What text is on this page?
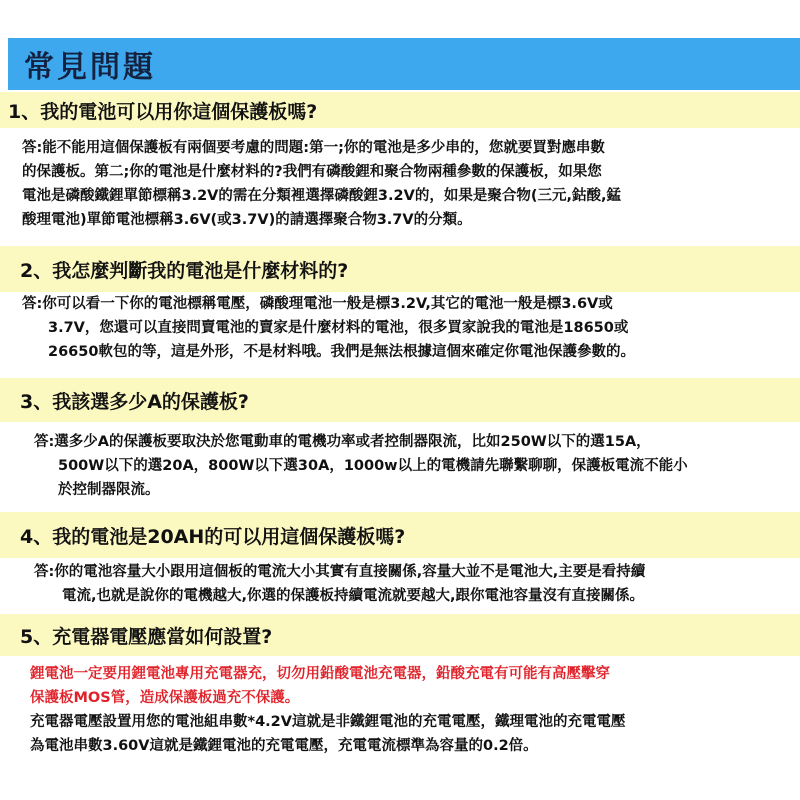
常見問題
1、我的電池可以用你這個保護板嗎?
答:能不能用這個保護板有兩個要考慮的問題:第一;你的電池是多少串的，您就要買對應串數
的保護板。第二;你的電池是什麼材料的?我們有磷酸鋰和聚合物兩種參數的保護板，如果您
電池是磷酸鐵鋰單節標稱3.2V的需在分類裡選擇磷酸鋰3.2V的，如果是聚合物(三元,鈷酸,錳
酸理電池)單節電池標稱3.6V(或3.7V)的請選擇聚合物3.7V的分類。
2、我怎麼判斷我的電池是什麼材料的?
答:你可以看一下你的電池標稱電壓，磷酸理電池一般是標3.2V,其它的電池一般是標3.6V或
3.7V，您還可以直接問賣電池的賣家是什麼材料的電池，很多買家說我的電池是18650或
26650軟包的等，這是外形，不是材料哦。我們是無法根據這個來確定你電池保護參數的。
3、我該選多少A的保護板?
答:選多少A的保護板要取決於您電動車的電機功率或者控制器限流，比如250W以下的選15A，
500W以下的選20A，800W以下選30A，1000w以上的電機請先聯繫聊聊，保護板電流不能小
於控制器限流。
4、我的電池是20AH的可以用這個保護板嗎?
答:你的電池容量大小跟用這個板的電流大小其實有直接關係,容量大並不是電池大,主要是看持續
電流,也就是說你的電機越大,你選的保護板持續電流就要越大,跟你電池容量沒有直接關係。
5、充電器電壓應當如何設置?
鋰電池一定要用鋰電池專用充電器充，切勿用鉛酸電池充電器，鉛酸充電有可能有高壓擊穿
保護板MOS管，造成保護板過充不保護。
充電器電壓設置用您的電池組串數*4.2V這就是非鐵鋰電池的充電電壓，鐵理電池的充電電壓
為電池串數3.60V這就是鐵鋰電池的充電電壓，充電電流標準為容量的0.2倍。
